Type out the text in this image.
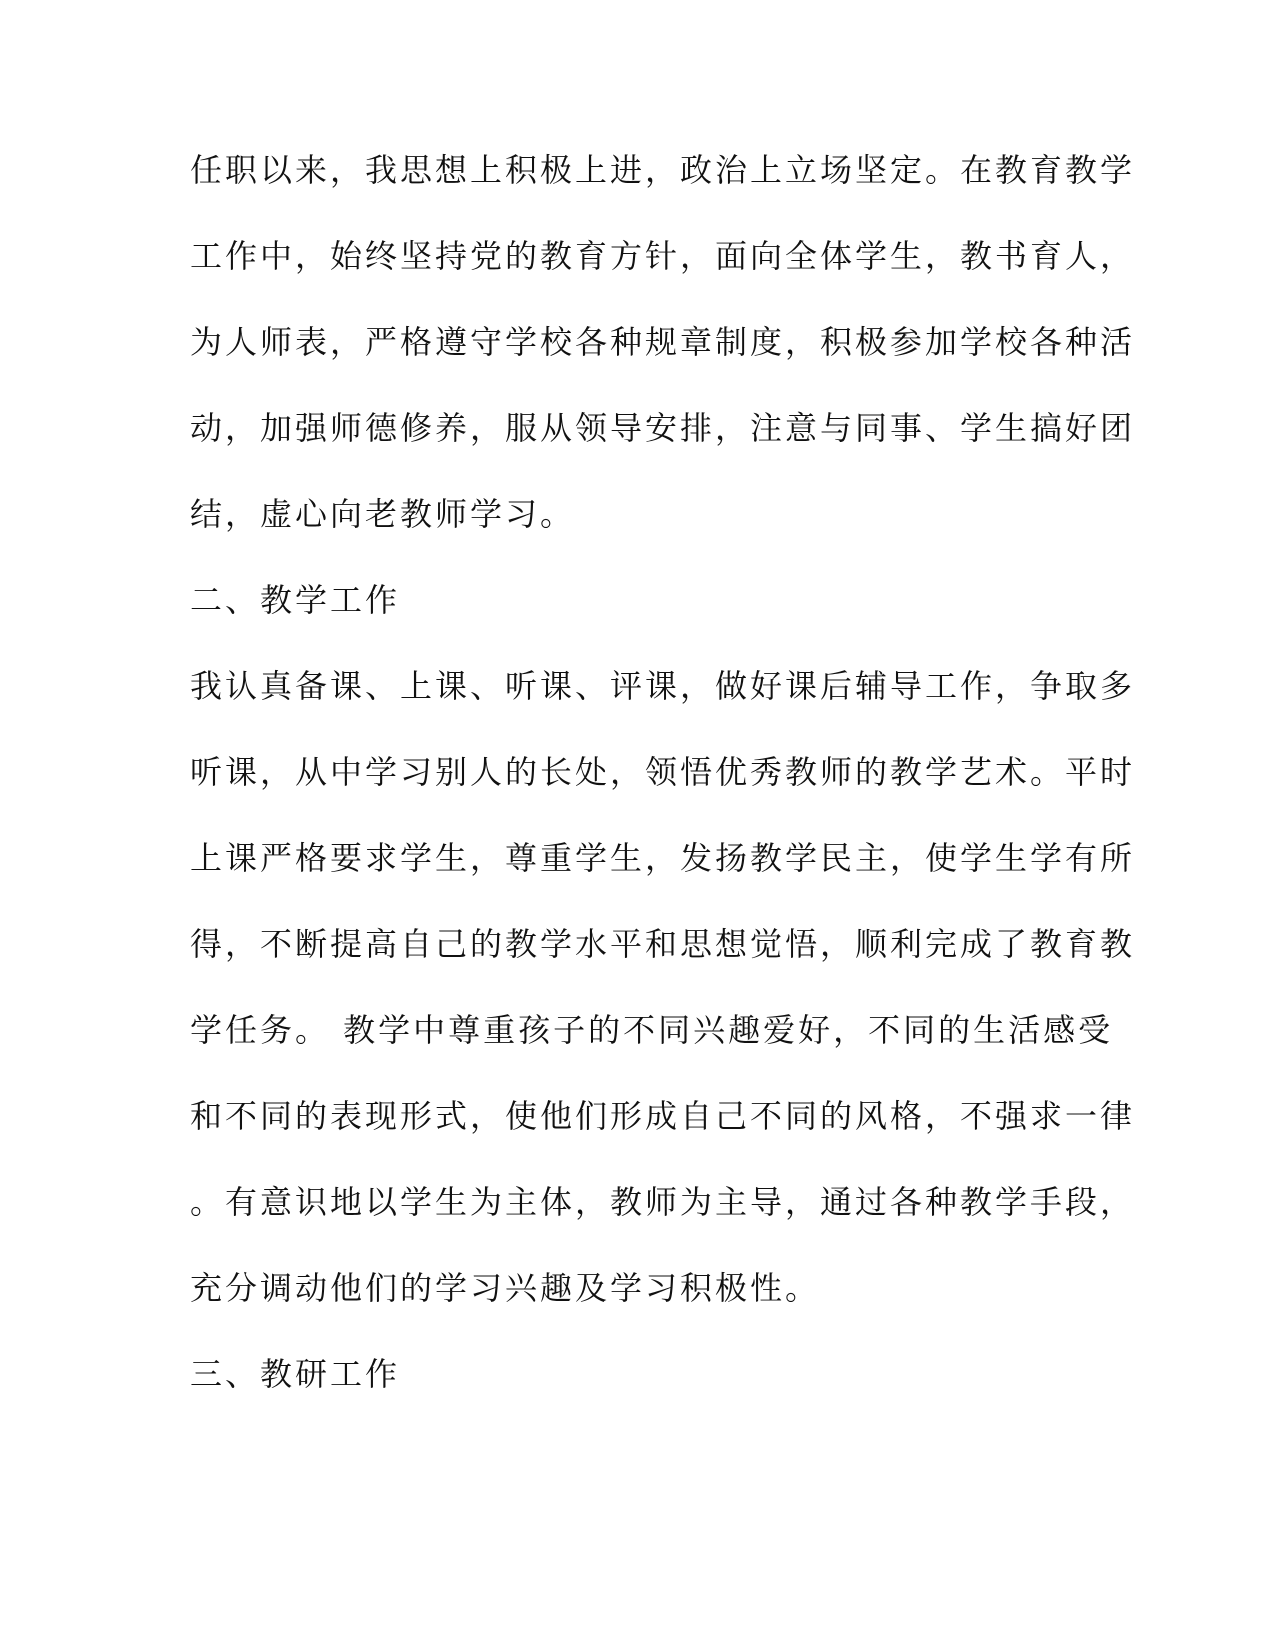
任职以来，我思想上积极上进，政治上立场坚定。在教育教学
工作中，始终坚持党的教育方针，面向全体学生，教书育人，
为人师表，严格遵守学校各种规章制度，积极参加学校各种活
动，加强师德修养，服从领导安排，注意与同事、学生搞好团
结，虚心向老教师学习。
二、教学工作
我认真备课、上课、听课、评课，做好课后辅导工作，争取多
听课，从中学习别人的长处，领悟优秀教师的教学艺术。平时
上课严格要求学生，尊重学生，发扬教学民主，使学生学有所
得，不断提高自己的教学水平和思想觉悟，顺利完成了教育教
学任务。 教学中尊重孩子的不同兴趣爱好，不同的生活感受
和不同的表现形式，使他们形成自己不同的风格，不强求一律
。有意识地以学生为主体，教师为主导，通过各种教学手段，
充分调动他们的学习兴趣及学习积极性。
三、教研工作
